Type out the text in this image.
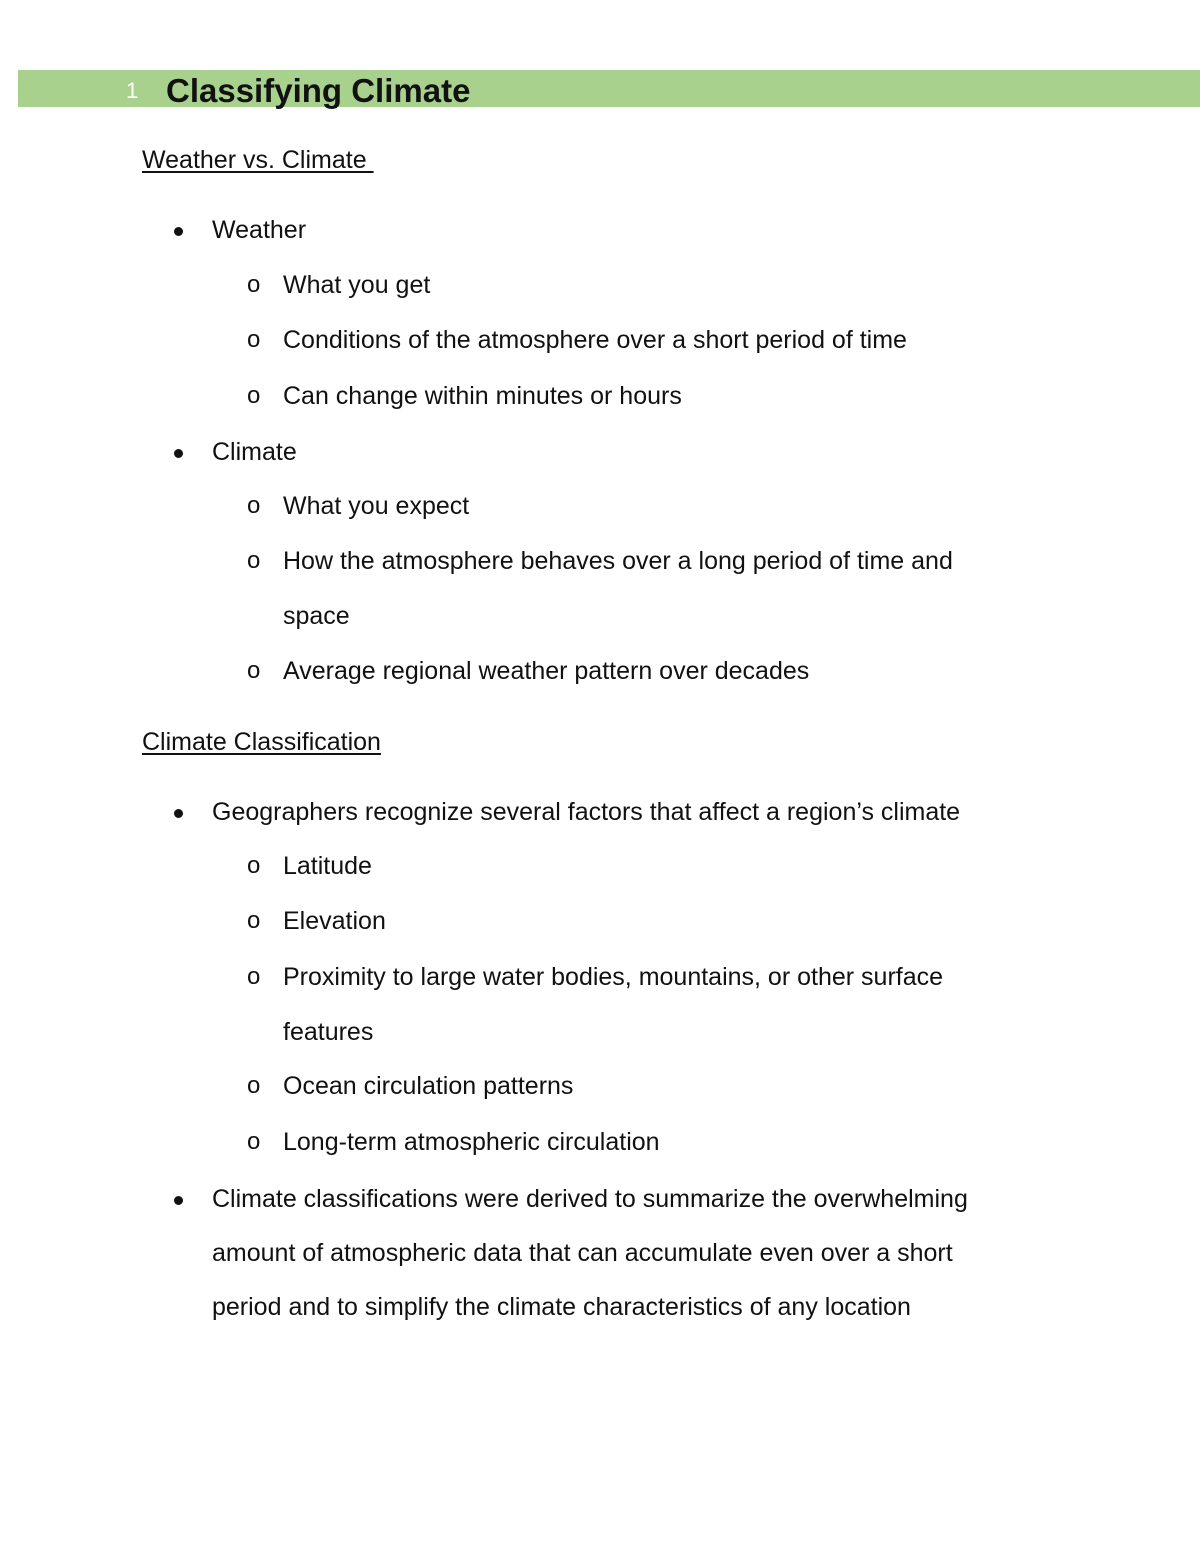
1 Classifying Climate
Weather vs. Climate
Weather
o What you get
o Conditions of the atmosphere over a short period of time
o Can change within minutes or hours
Climate
o What you expect
o How the atmosphere behaves over a long period of time and
space
o Average regional weather pattern over decades
Climate Classification
Geographers recognize several factors that affect a region’s climate
o Latitude
o Elevation
o Proximity to large water bodies, mountains, or other surface
features
o Ocean circulation patterns
o Long-term atmospheric circulation
Climate classifications were derived to summarize the overwhelming
amount of atmospheric data that can accumulate even over a short
period and to simplify the climate characteristics of any location
